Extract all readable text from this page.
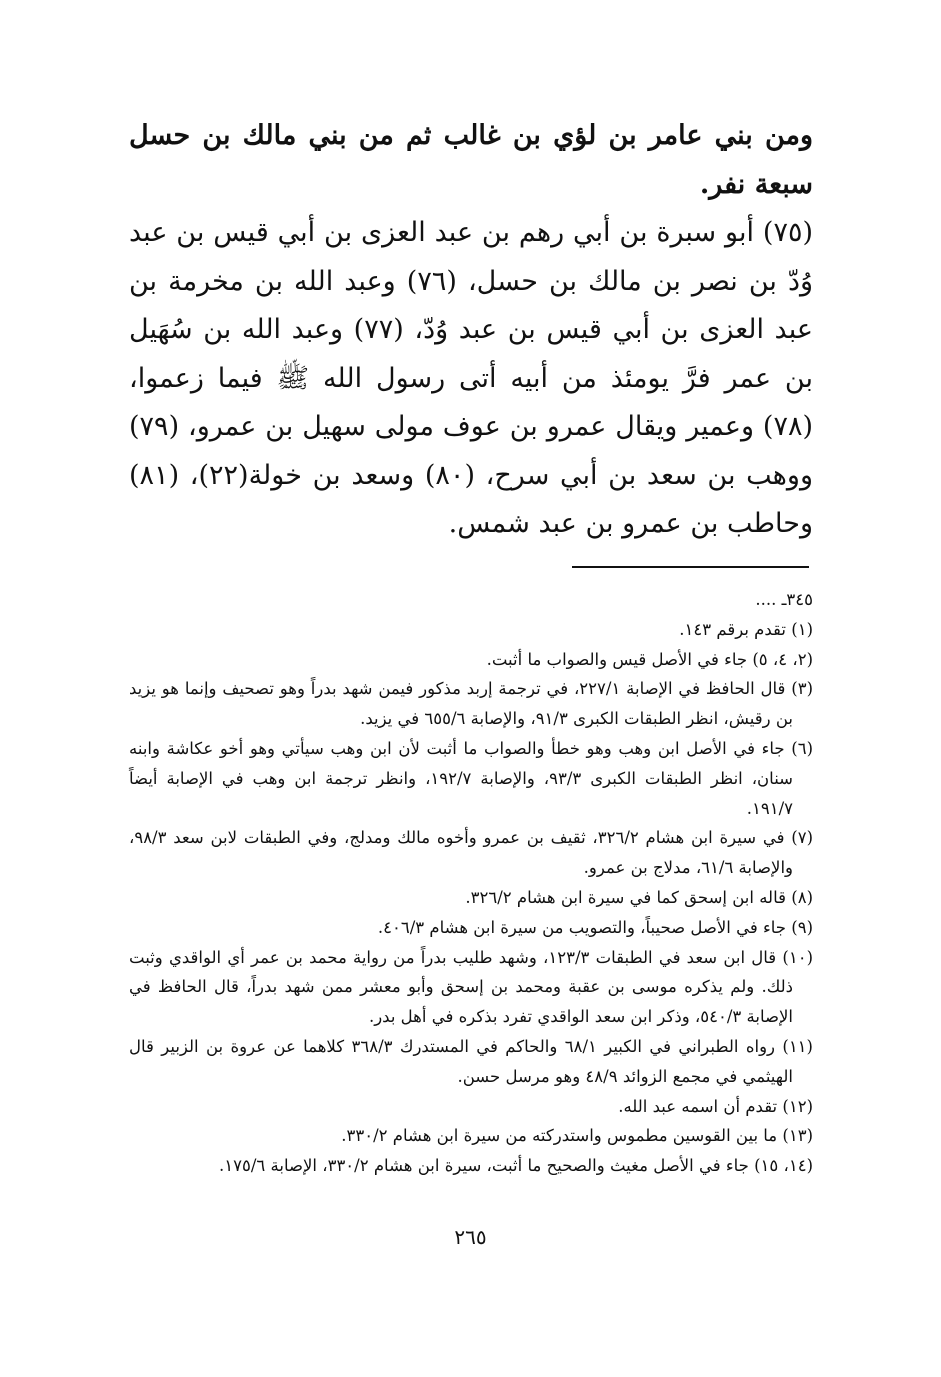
ومن بني عامر بن لؤي بن غالب ثم من بني مالك بن حسل سبعة نفر.

(٧٥) أبو سبرة بن أبي رهم بن عبد العزى بن أبي قيس بن عبد وُدّ بن نصر بن مالك بن حسل، (٧٦) وعبد الله بن مخرمة بن عبد العزى بن أبي قيس بن عبد وُدّ، (٧٧) وعبد الله بن سُهَيل بن عمر فرَّ يومئذ من أبيه أتى رسول الله ﷺ فيما زعموا، (٧٨) وعمير ويقال عمرو بن عوف مولى سهيل بن عمرو، (٧٩) ووهب بن سعد بن أبي سرح، (٨٠) وسعد بن خولة(٢٢)، (٨١) وحاطب بن عمرو بن عبد شمس.

٣٤٥ـ ....

(١) تقدم برقم ١٤٣.

(٢، ٤، ٥) جاء في الأصل قيس والصواب ما أثبت.

(٣) قال الحافظ في الإصابة ٢٢٧/١، في ترجمة إربد مذكور فيمن شهد بدراً وهو تصحيف وإنما هو يزيد بن رقيش، انظر الطبقات الكبرى ٩١/٣، والإصابة ٦٥٥/٦ في يزيد.

(٦) جاء في الأصل ابن وهب وهو خطأ والصواب ما أثبت لأن ابن وهب سيأتي وهو أخو عكاشة وابنه سنان، انظر الطبقات الكبرى ٩٣/٣، والإصابة ١٩٢/٧، وانظر ترجمة ابن وهب في الإصابة أيضاً ١٩١/٧.

(٧) في سيرة ابن هشام ٣٢٦/٢، ثقيف بن عمرو وأخوه مالك ومدلج، وفي الطبقات لابن سعد ٩٨/٣، والإصابة ٦١/٦، مدلاج بن عمرو.

(٨) قاله ابن إسحق كما في سيرة ابن هشام ٣٢٦/٢.

(٩) جاء في الأصل صحيباً، والتصويب من سيرة ابن هشام ٤٠٦/٣.

(١٠) قال ابن سعد في الطبقات ١٢٣/٣، وشهد طليب بدراً من رواية محمد بن عمر أي الواقدي وثبت ذلك. ولم يذكره موسى بن عقبة ومحمد بن إسحق وأبو معشر ممن شهد بدراً، قال الحافظ في الإصابة ٥٤٠/٣، وذكر ابن سعد الواقدي تفرد بذكره في أهل بدر.

(١١) رواه الطبراني في الكبير ٦٨/١ والحاكم في المستدرك ٣٦٨/٣ كلاهما عن عروة بن الزبير قال الهيثمي في مجمع الزوائد ٤٨/٩ وهو مرسل حسن.

(١٢) تقدم أن اسمه عبد الله.

(١٣) ما بين القوسين مطموس واستدركته من سيرة ابن هشام ٣٣٠/٢.

(١٤، ١٥) جاء في الأصل مغيث والصحيح ما أثبت، سيرة ابن هشام ٣٣٠/٢، الإصابة ١٧٥/٦.

٢٦٥
